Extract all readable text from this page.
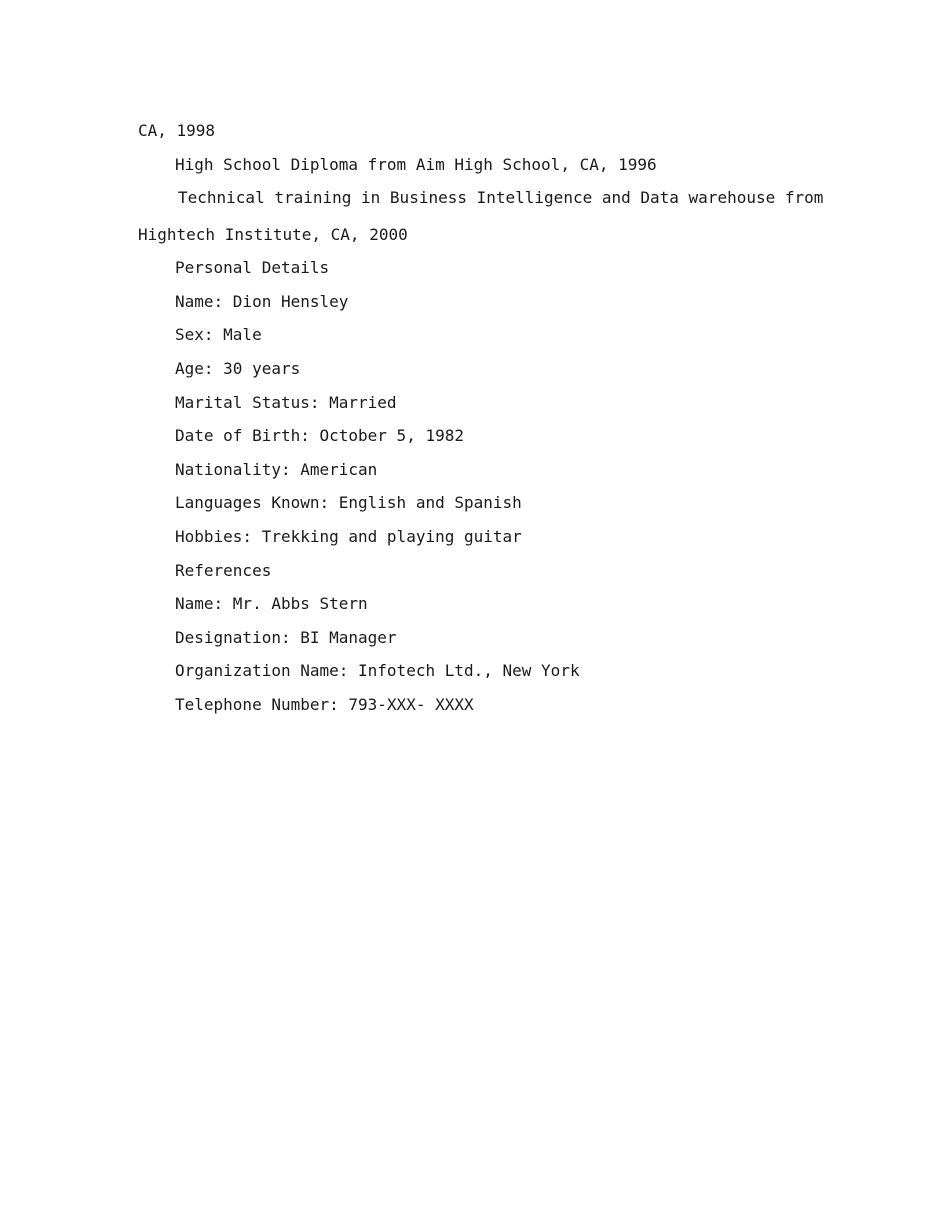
CA, 1998

High School Diploma from Aim High School, CA, 1996

Technical training in Business Intelligence and Data warehouse from

Hightech Institute, CA, 2000

Personal Details

Name: Dion Hensley

Sex: Male

Age: 30 years

Marital Status: Married

Date of Birth: October 5, 1982

Nationality: American

Languages Known: English and Spanish

Hobbies: Trekking and playing guitar

References

Name: Mr. Abbs Stern

Designation: BI Manager

Organization Name: Infotech Ltd., New York

Telephone Number: 793-XXX- XXXX
